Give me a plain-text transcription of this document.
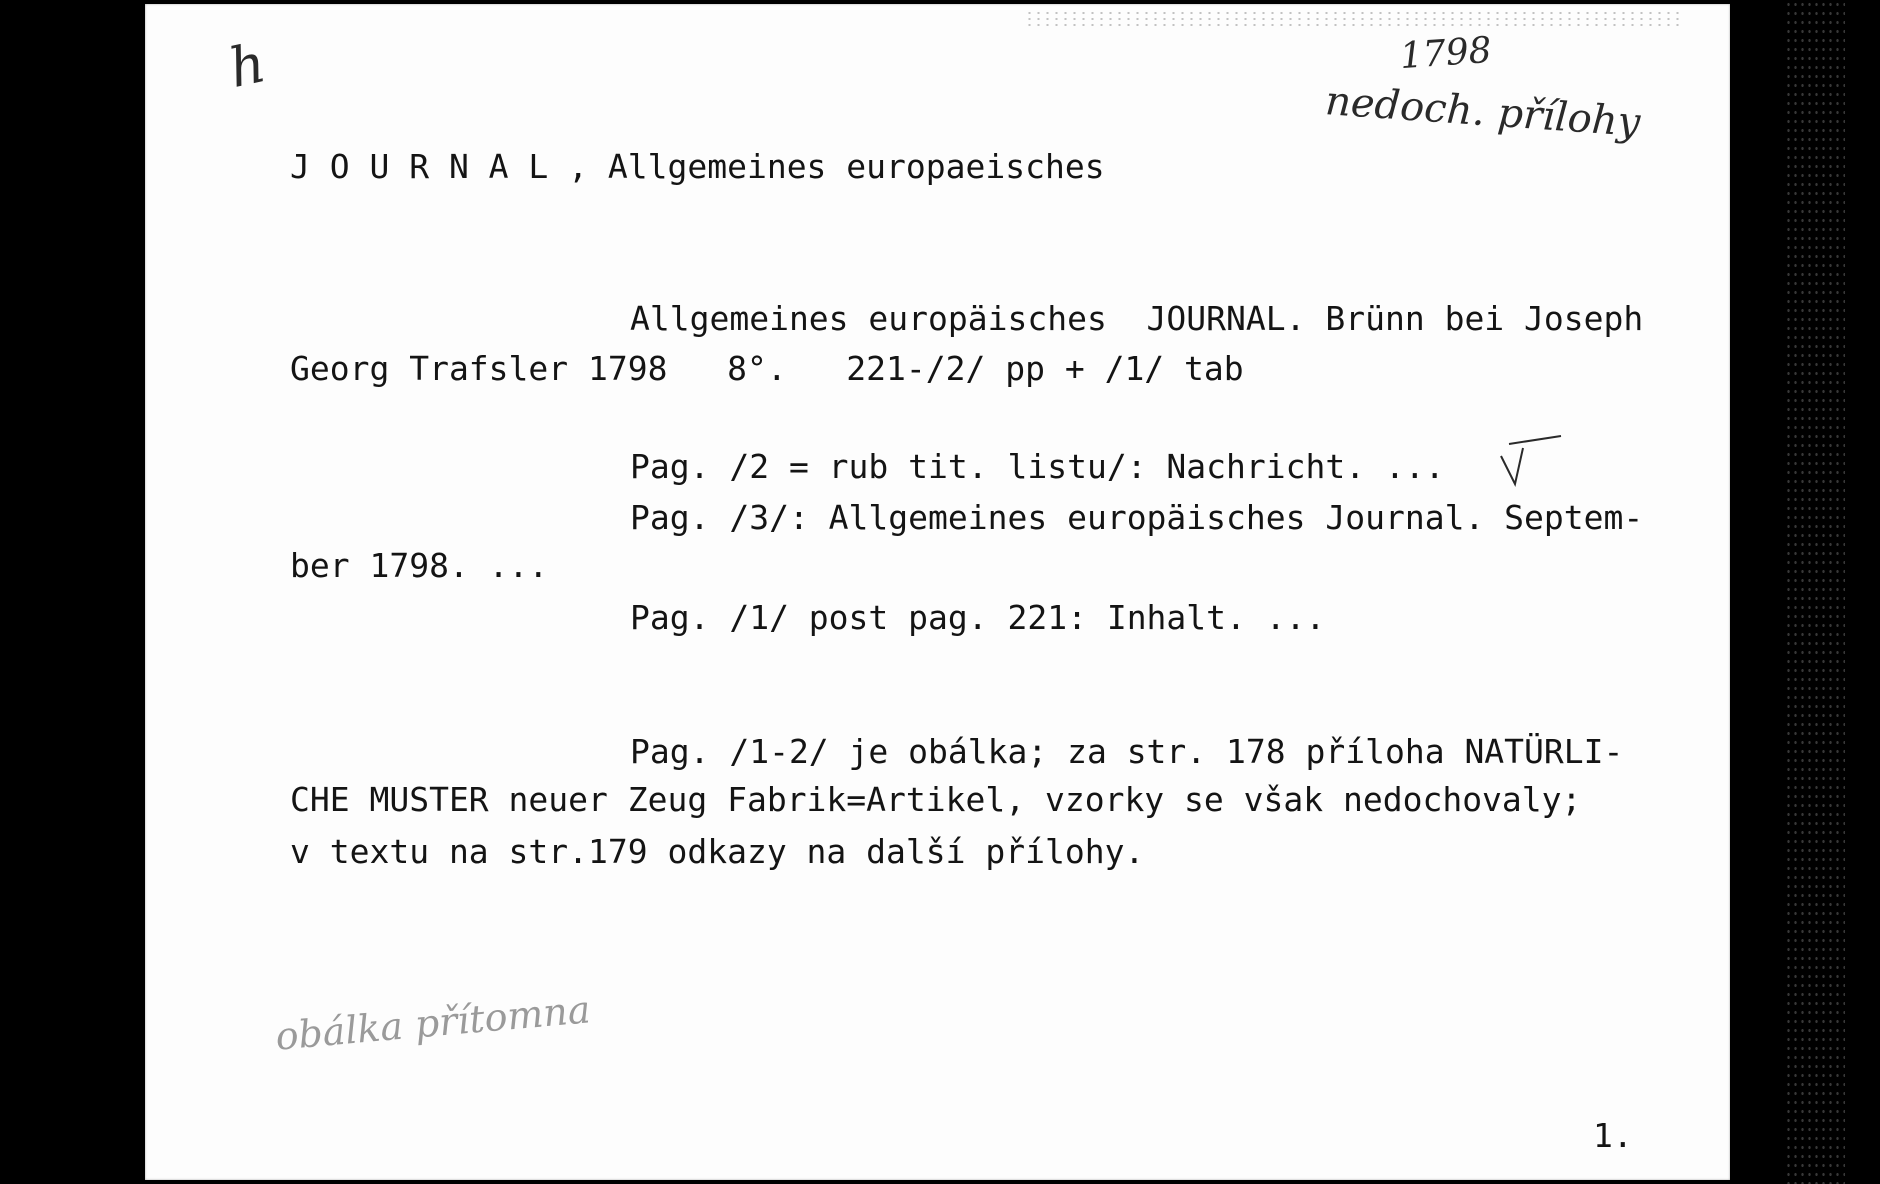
h	1798
nedoch. přílohy
J O U R N A L , Allgemeines europaeisches
Allgemeines europäisches  JOURNAL. Brünn bei Joseph
Georg Trafsler 1798   8°.   221-/2/ pp + /1/ tab
Pag. /2 = rub tit. listu/: Nachricht. ...
Pag. /3/: Allgemeines europäisches Journal. Septem-
ber 1798. ...
Pag. /1/ post pag. 221: Inhalt. ...
Pag. /1-2/ je obálka; za str. 178 příloha NATÜRLI-
CHE MUSTER neuer Zeug Fabrik=Artikel, vzorky se však nedochovaly;
v textu na str.179 odkazy na další přílohy.
obálka přítomna
1.
